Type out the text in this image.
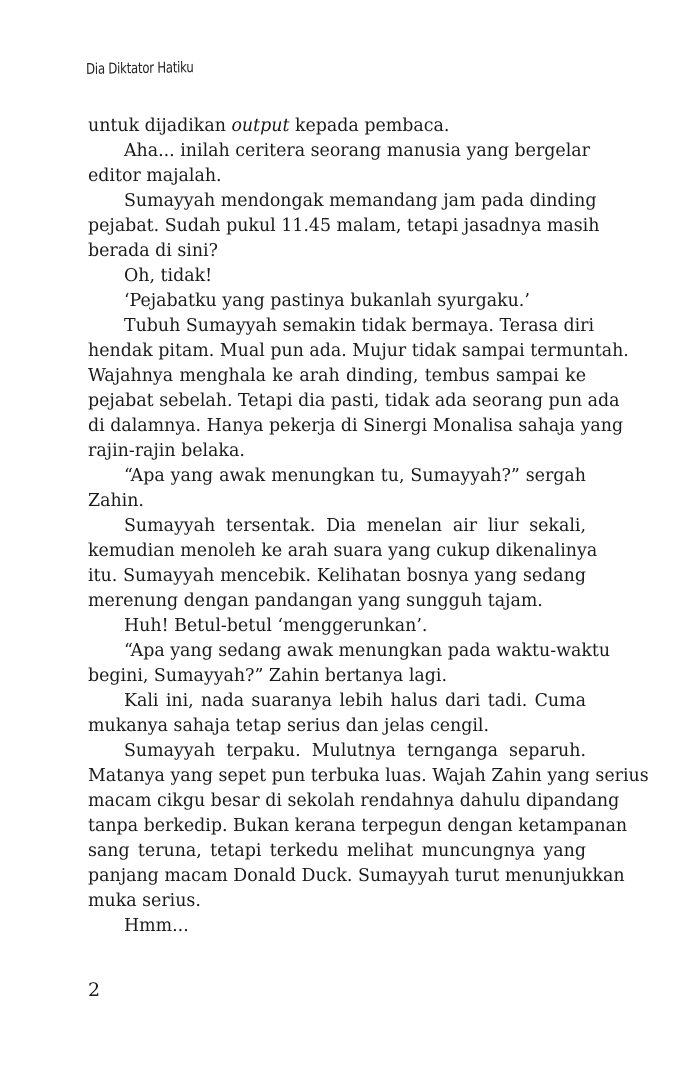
Dia Diktator Hatiku
untuk dijadikan output kepada pembaca.
Aha... inilah ceritera seorang manusia yang bergelar
editor majalah.
Sumayyah mendongak memandang jam pada dinding
pejabat. Sudah pukul 11.45 malam, tetapi jasadnya masih
berada di sini?
Oh, tidak!
‘Pejabatku yang pastinya bukanlah syurgaku.’
Tubuh Sumayyah semakin tidak bermaya. Terasa diri
hendak pitam. Mual pun ada. Mujur tidak sampai termuntah.
Wajahnya menghala ke arah dinding, tembus sampai ke
pejabat sebelah. Tetapi dia pasti, tidak ada seorang pun ada
di dalamnya. Hanya pekerja di Sinergi Monalisa sahaja yang
rajin-rajin belaka.
“Apa yang awak menungkan tu, Sumayyah?” sergah
Zahin.
Sumayyah tersentak. Dia menelan air liur sekali,
kemudian menoleh ke arah suara yang cukup dikenalinya
itu. Sumayyah mencebik. Kelihatan bosnya yang sedang
merenung dengan pandangan yang sungguh tajam.
Huh! Betul-betul ‘menggerunkan’.
“Apa yang sedang awak menungkan pada waktu-waktu
begini, Sumayyah?” Zahin bertanya lagi.
Kali ini, nada suaranya lebih halus dari tadi. Cuma
mukanya sahaja tetap serius dan jelas cengil.
Sumayyah terpaku. Mulutnya ternganga separuh.
Matanya yang sepet pun terbuka luas. Wajah Zahin yang serius
macam cikgu besar di sekolah rendahnya dahulu dipandang
tanpa berkedip. Bukan kerana terpegun dengan ketampanan
sang teruna, tetapi terkedu melihat muncungnya yang
panjang macam Donald Duck. Sumayyah turut menunjukkan
muka serius.
Hmm...
2
